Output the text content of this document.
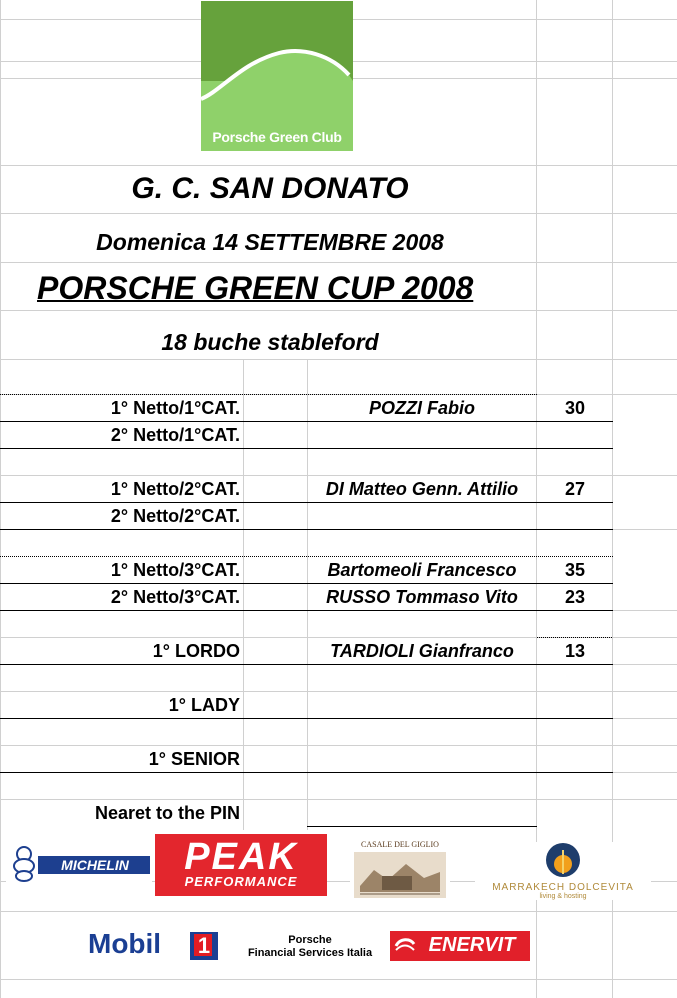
Porsche Green Club
G. C. SAN DONATO
Domenica 14 SETTEMBRE 2008
PORSCHE GREEN CUP 2008
18 buche stableford
1° Netto/1°CAT.	POZZI Fabio	30
2° Netto/1°CAT.
1° Netto/2°CAT.	DI Matteo Genn. Attilio	27
2° Netto/2°CAT.
1° Netto/3°CAT.	Bartomeoli Francesco	35
2° Netto/3°CAT.	RUSSO Tommaso Vito	23
1° LORDO	TARDIOLI Gianfranco	13
1° LADY
1° SENIOR
Nearet to the PIN
MICHELIN	PEAK
PERFORMANCE
CASALE DEL GIGLIO
MARRAKECH DOLCEVITA
living & hosting
Mobil	1	Porsche
Financial Services Italia	ENERVIT
